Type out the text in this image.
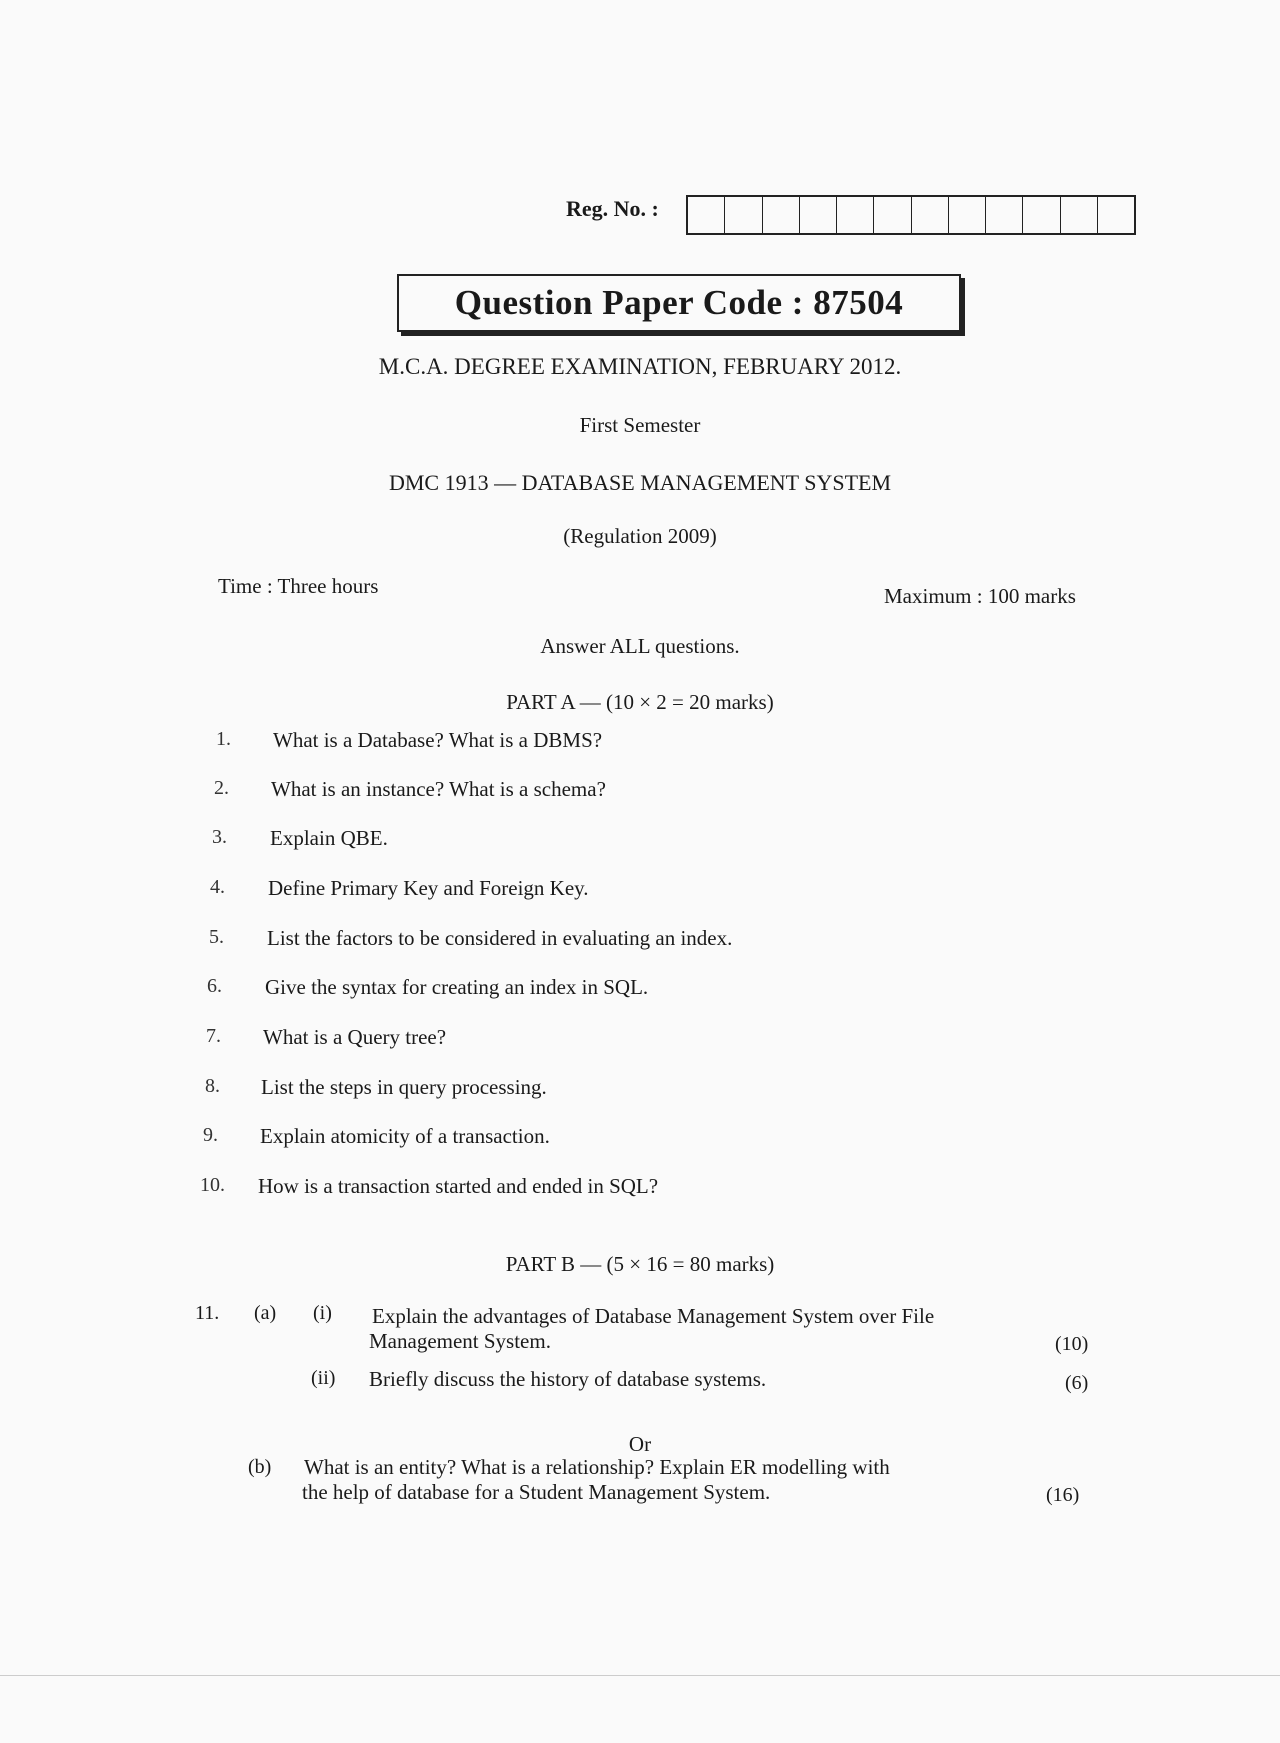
Reg. No. :
Question Paper Code : 87504
M.C.A. DEGREE EXAMINATION, FEBRUARY 2012.
First Semester
DMC 1913 — DATABASE MANAGEMENT SYSTEM
(Regulation 2009)
Time : Three hours	Maximum : 100 marks
Answer ALL questions.
PART A — (10 × 2 = 20 marks)
1. What is a Database? What is a DBMS?
2. What is an instance? What is a schema?
3. Explain QBE.
4. Define Primary Key and Foreign Key.
5. List the factors to be considered in evaluating an index.
6. Give the syntax for creating an index in SQL.
7. What is a Query tree?
8. List the steps in query processing.
9. Explain atomicity of a transaction.
10. How is a transaction started and ended in SQL?
PART B — (5 × 16 = 80 marks)
11. (a) (i) Explain the advantages of Database Management System over File
Management System.	(10)
(ii) Briefly discuss the history of database systems.	(6)
Or
(b) What is an entity? What is a relationship? Explain ER modelling with
the help of database for a Student Management System.	(16)
